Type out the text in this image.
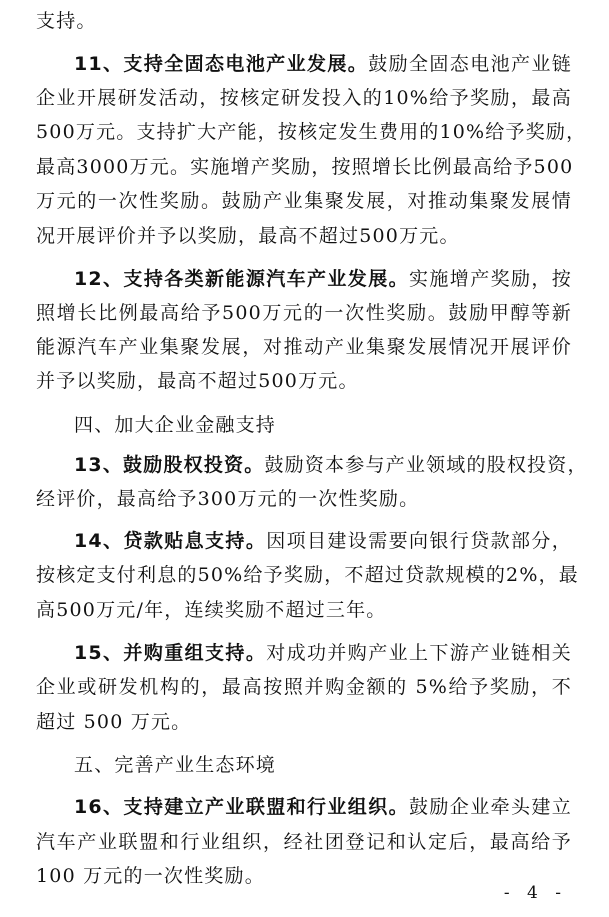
支持。
11、支持全固态电池产业发展。鼓励全固态电池产业链
企业开展研发活动，按核定研发投入的10%给予奖励，最高
500万元。支持扩大产能，按核定发生费用的10%给予奖励，
最高3000万元。实施增产奖励，按照增长比例最高给予500
万元的一次性奖励。鼓励产业集聚发展，对推动集聚发展情
况开展评价并予以奖励，最高不超过500万元。
12、支持各类新能源汽车产业发展。实施增产奖励，按
照增长比例最高给予500万元的一次性奖励。鼓励甲醇等新
能源汽车产业集聚发展，对推动产业集聚发展情况开展评价
并予以奖励，最高不超过500万元。
四、加大企业金融支持
13、鼓励股权投资。鼓励资本参与产业领域的股权投资，
经评价，最高给予300万元的一次性奖励。
14、贷款贴息支持。因项目建设需要向银行贷款部分，
按核定支付利息的50%给予奖励，不超过贷款规模的2%，最
高500万元/年，连续奖励不超过三年。
15、并购重组支持。对成功并购产业上下游产业链相关
企业或研发机构的，最高按照并购金额的 5%给予奖励，不
超过 500 万元。
五、完善产业生态环境
16、支持建立产业联盟和行业组织。鼓励企业牵头建立
汽车产业联盟和行业组织，经社团登记和认定后，最高给予
100 万元的一次性奖励。
- 4 -
